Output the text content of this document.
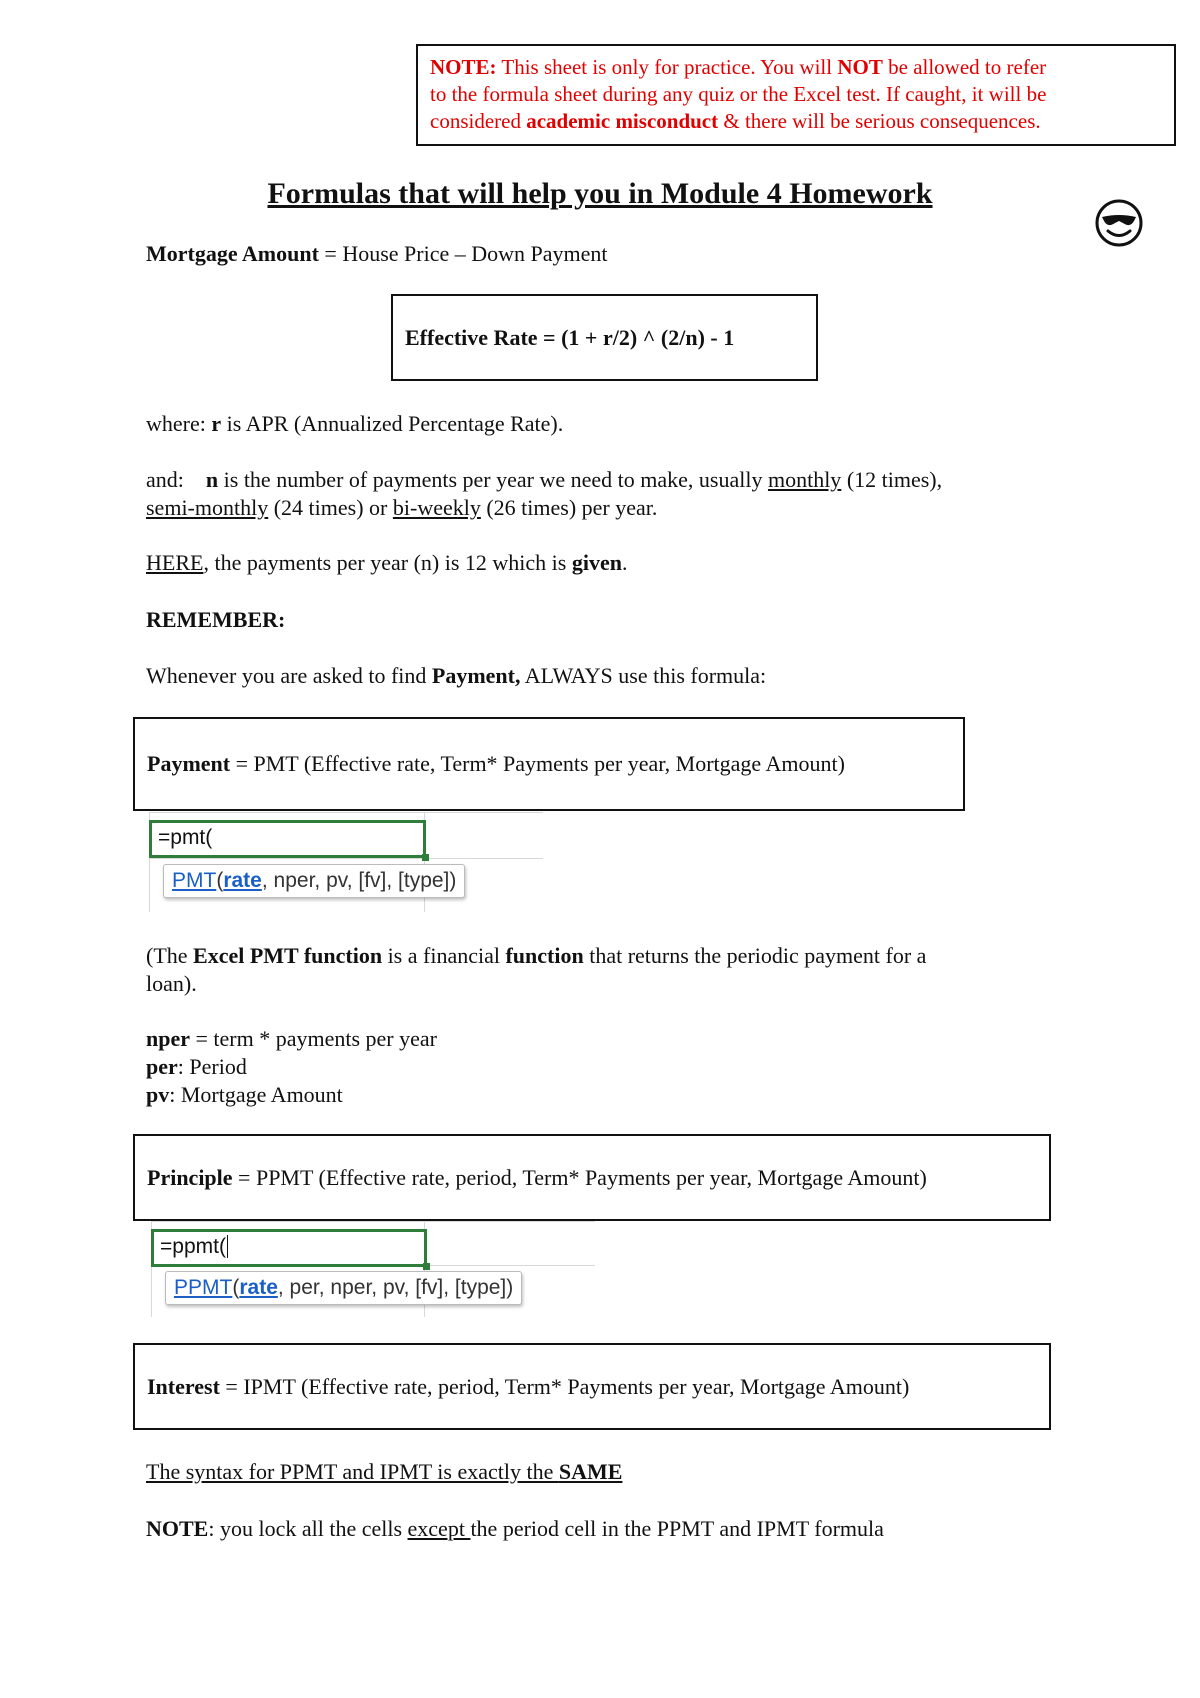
NOTE: This sheet is only for practice. You will NOT be allowed to refer
to the formula sheet during any quiz or the Excel test. If caught, it will be
considered academic misconduct & there will be serious consequences.
Formulas that will help you in Module 4 Homework
Mortgage Amount = House Price – Down Payment
Effective Rate = (1 + r/2) ^ (2/n) - 1
where: r is APR (Annualized Percentage Rate).
and:    n is the number of payments per year we need to make, usually monthly (12 times),
semi-monthly (24 times) or bi-weekly (26 times) per year.
HERE, the payments per year (n) is 12 which is given.
REMEMBER:
Whenever you are asked to find Payment, ALWAYS use this formula:
Payment = PMT (Effective rate, Term* Payments per year, Mortgage Amount)
=pmt(
PMT(rate, nper, pv, [fv], [type])
(The Excel PMT function is a financial function that returns the periodic payment for a
loan).
nper = term * payments per year
per: Period
pv: Mortgage Amount
Principle = PPMT (Effective rate, period, Term* Payments per year, Mortgage Amount)
=ppmt(
PPMT(rate, per, nper, pv, [fv], [type])
Interest = IPMT (Effective rate, period, Term* Payments per year, Mortgage Amount)
The syntax for PPMT and IPMT is exactly the SAME
NOTE: you lock all the cells except the period cell in the PPMT and IPMT formula
